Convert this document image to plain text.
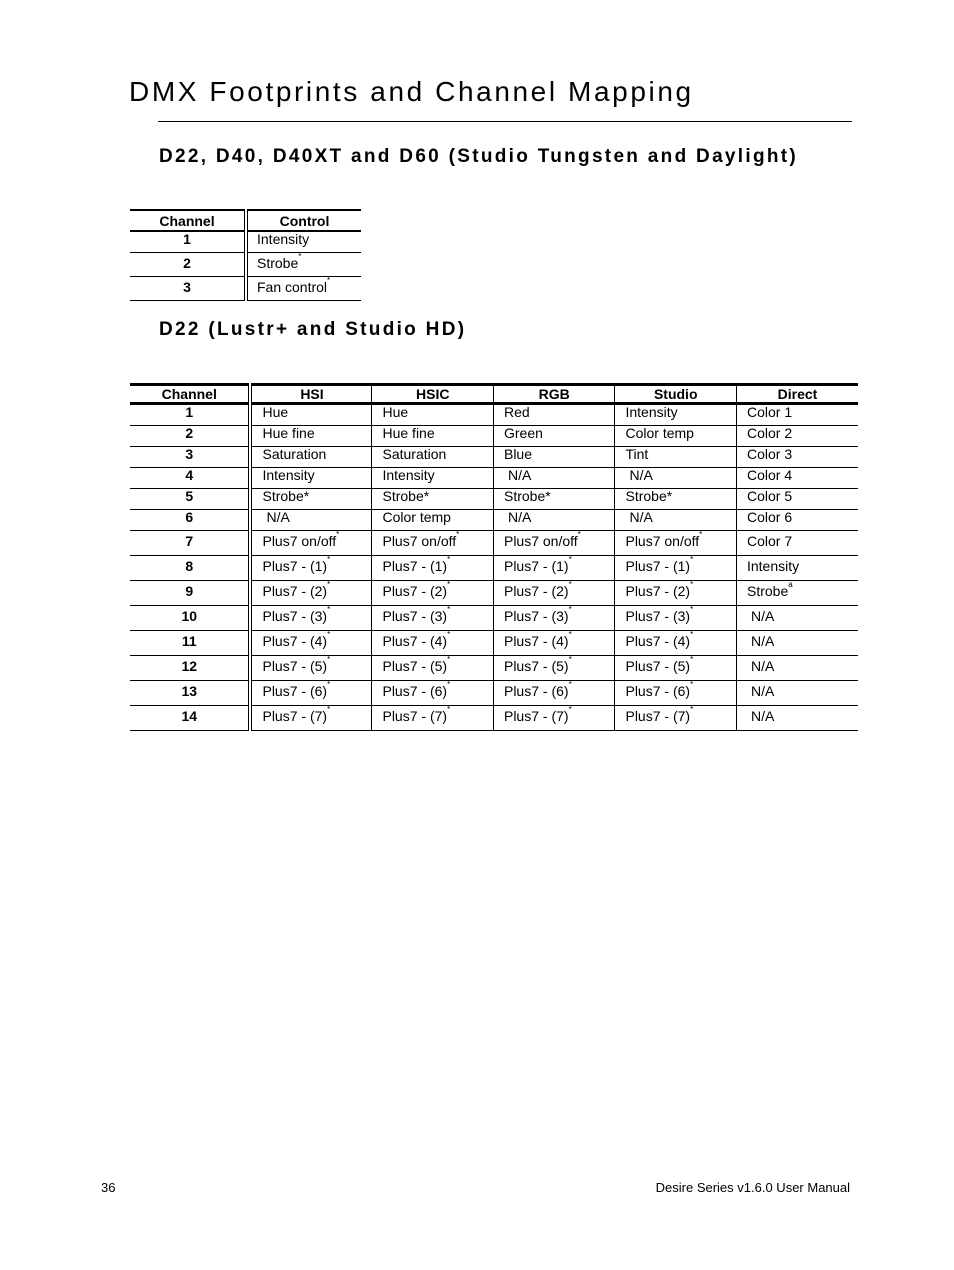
DMX Footprints and Channel Mapping
D22, D40, D40XT and D60 (Studio Tungsten and Daylight)
Channel	Control
1	Intensity
2	Strobe*
3	Fan control*
D22 (Lustr+ and Studio HD)
Channel	HSI	HSIC	RGB	Studio	Direct
1	Hue	Hue	Red	Intensity	Color 1
2	Hue fine	Hue fine	Green	Color temp	Color 2
3	Saturation	Saturation	Blue	Tint	Color 3
4	Intensity	Intensity	N/A	N/A	Color 4
5	Strobe*	Strobe*	Strobe*	Strobe*	Color 5
6	N/A	Color temp	N/A	N/A	Color 6
7	Plus7 on/off*	Plus7 on/off*	Plus7 on/off*	Plus7 on/off*	Color 7
8	Plus7 - (1)*	Plus7 - (1)*	Plus7 - (1)*	Plus7 - (1)*	Intensity
9	Plus7 - (2)*	Plus7 - (2)*	Plus7 - (2)*	Plus7 - (2)*	Strobe$^a$
10	Plus7 - (3)*	Plus7 - (3)*	Plus7 - (3)*	Plus7 - (3)*	N/A
11	Plus7 - (4)*	Plus7 - (4)*	Plus7 - (4)*	Plus7 - (4)*	N/A
12	Plus7 - (5)*	Plus7 - (5)*	Plus7 - (5)*	Plus7 - (5)*	N/A
13	Plus7 - (6)*	Plus7 - (6)*	Plus7 - (6)*	Plus7 - (6)*	N/A
14	Plus7 - (7)*	Plus7 - (7)*	Plus7 - (7)*	Plus7 - (7)*	N/A
36	Desire Series v1.6.0 User Manual
